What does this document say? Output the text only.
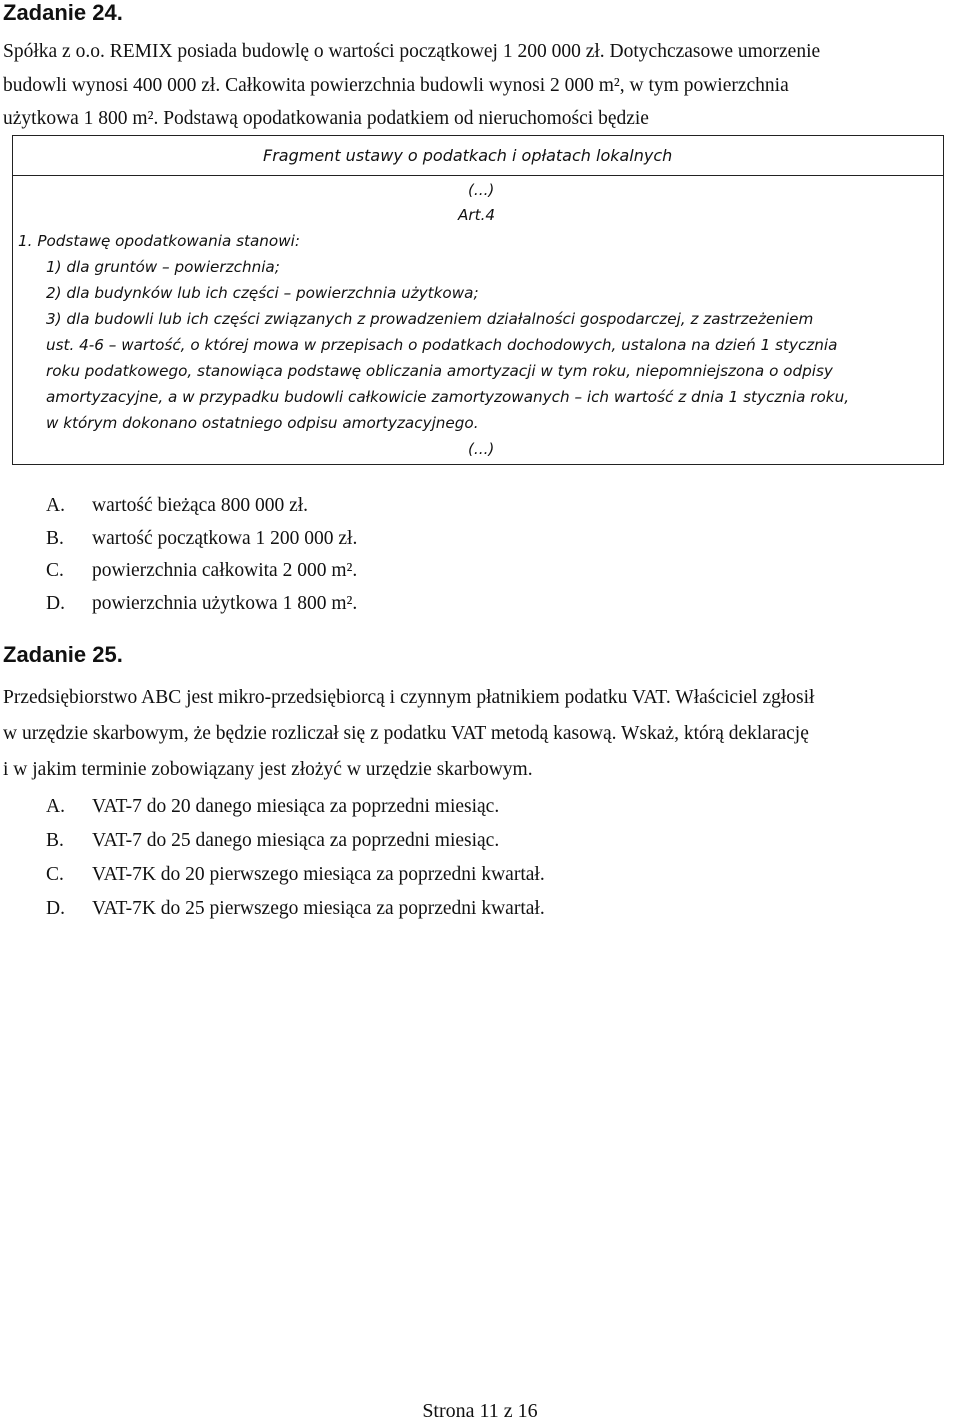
Zadanie 24.
Spółka z o.o. REMIX posiada budowlę o wartości początkowej 1 200 000 zł. Dotychczasowe umorzenie
budowli wynosi 400 000 zł. Całkowita powierzchnia budowli wynosi 2 000 m², w tym powierzchnia
użytkowa 1 800 m². Podstawą opodatkowania podatkiem od nieruchomości będzie
Fragment ustawy o podatkach i opłatach lokalnych
(...)
Art.4
1. Podstawę opodatkowania stanowi:
1) dla gruntów – powierzchnia;
2) dla budynków lub ich części – powierzchnia użytkowa;
3) dla budowli lub ich części związanych z prowadzeniem działalności gospodarczej, z zastrzeżeniem
ust. 4-6 – wartość, o której mowa w przepisach o podatkach dochodowych, ustalona na dzień 1 stycznia
roku podatkowego, stanowiąca podstawę obliczania amortyzacji w tym roku, niepomniejszona o odpisy
amortyzacyjne, a w przypadku budowli całkowicie zamortyzowanych – ich wartość z dnia 1 stycznia roku,
w którym dokonano ostatniego odpisu amortyzacyjnego.
(...)
A. wartość bieżąca 800 000 zł.
B. wartość początkowa 1 200 000 zł.
C. powierzchnia całkowita 2 000 m².
D. powierzchnia użytkowa 1 800 m².
Zadanie 25.
Przedsiębiorstwo ABC jest mikro-przedsiębiorcą i czynnym płatnikiem podatku VAT. Właściciel zgłosił
w urzędzie skarbowym, że będzie rozliczał się z podatku VAT metodą kasową. Wskaż, którą deklarację
i w jakim terminie zobowiązany jest złożyć w urzędzie skarbowym.
A. VAT-7 do 20 danego miesiąca za poprzedni miesiąc.
B. VAT-7 do 25 danego miesiąca za poprzedni miesiąc.
C. VAT-7K do 20 pierwszego miesiąca za poprzedni kwartał.
D. VAT-7K do 25 pierwszego miesiąca za poprzedni kwartał.
Strona 11 z 16
